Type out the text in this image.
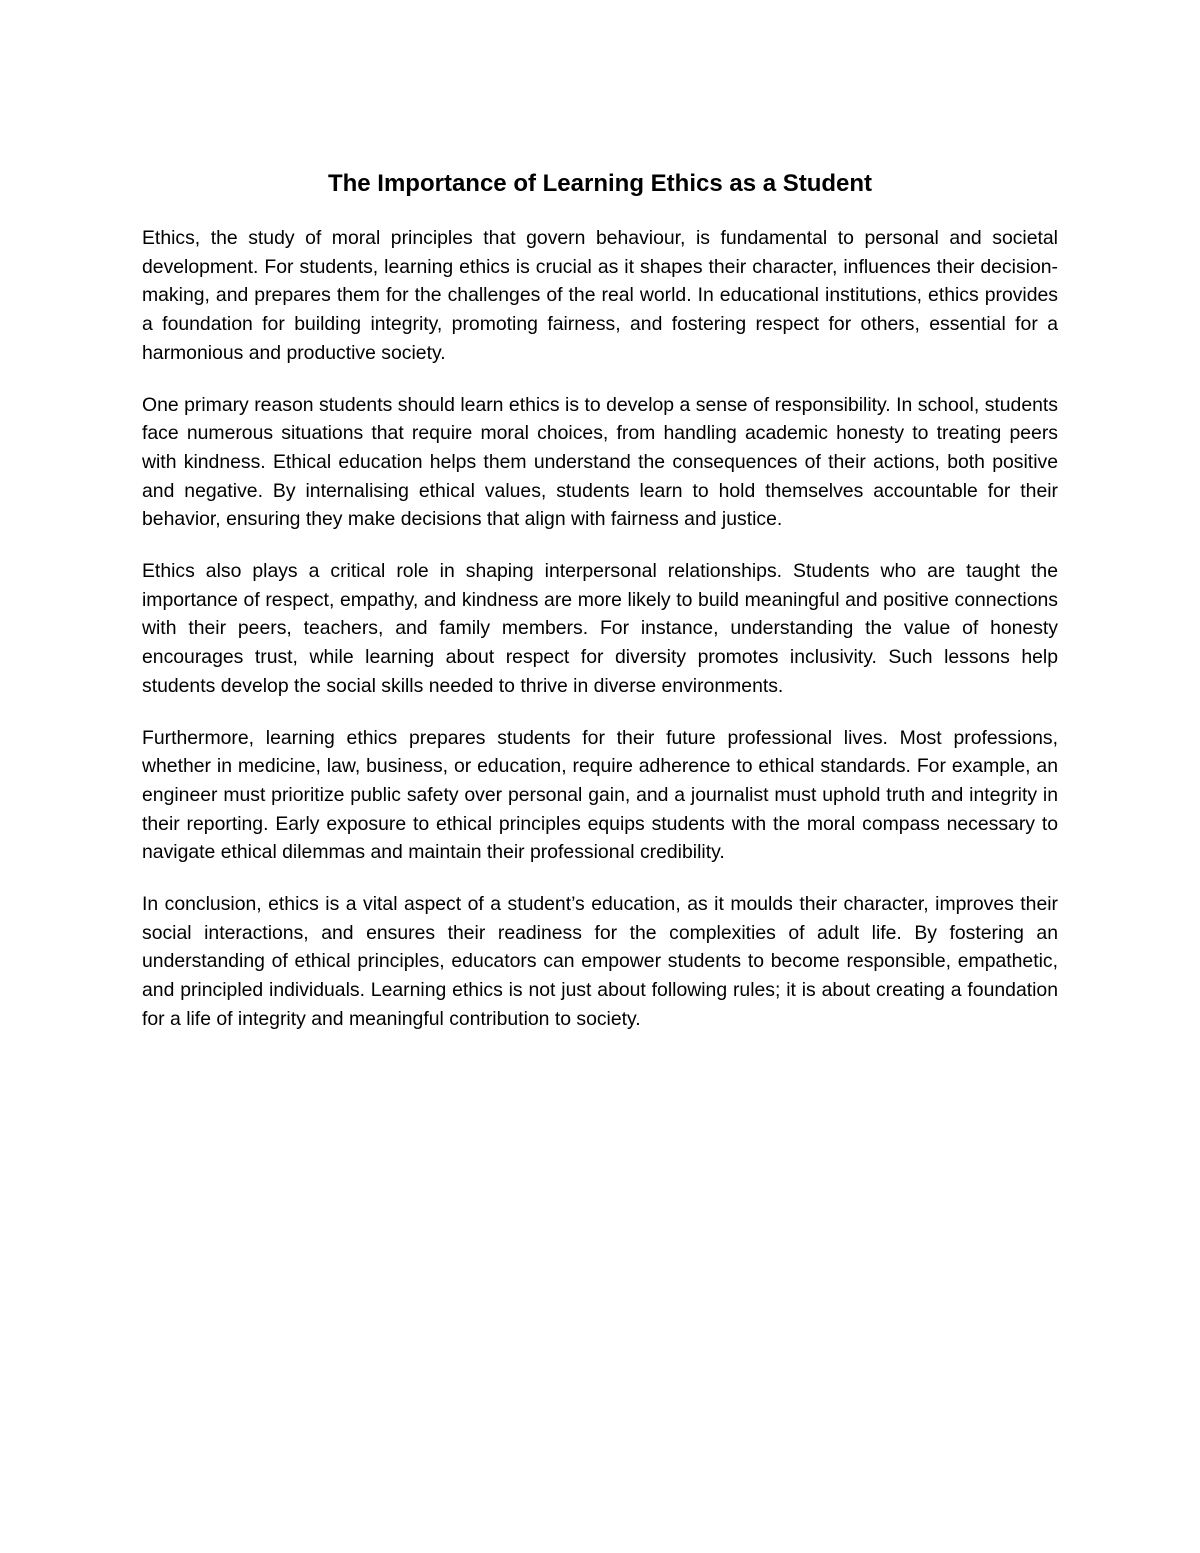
The Importance of Learning Ethics as a Student

Ethics, the study of moral principles that govern behaviour, is fundamental to personal and societal development. For students, learning ethics is crucial as it shapes their character, influences their decision-making, and prepares them for the challenges of the real world. In educational institutions, ethics provides a foundation for building integrity, promoting fairness, and fostering respect for others, essential for a harmonious and productive society.

One primary reason students should learn ethics is to develop a sense of responsibility. In school, students face numerous situations that require moral choices, from handling academic honesty to treating peers with kindness. Ethical education helps them understand the consequences of their actions, both positive and negative. By internalising ethical values, students learn to hold themselves accountable for their behavior, ensuring they make decisions that align with fairness and justice.

Ethics also plays a critical role in shaping interpersonal relationships. Students who are taught the importance of respect, empathy, and kindness are more likely to build meaningful and positive connections with their peers, teachers, and family members. For instance, understanding the value of honesty encourages trust, while learning about respect for diversity promotes inclusivity. Such lessons help students develop the social skills needed to thrive in diverse environments.

Furthermore, learning ethics prepares students for their future professional lives. Most professions, whether in medicine, law, business, or education, require adherence to ethical standards. For example, an engineer must prioritize public safety over personal gain, and a journalist must uphold truth and integrity in their reporting. Early exposure to ethical principles equips students with the moral compass necessary to navigate ethical dilemmas and maintain their professional credibility.

In conclusion, ethics is a vital aspect of a student’s education, as it moulds their character, improves their social interactions, and ensures their readiness for the complexities of adult life. By fostering an understanding of ethical principles, educators can empower students to become responsible, empathetic, and principled individuals. Learning ethics is not just about following rules; it is about creating a foundation for a life of integrity and meaningful contribution to society.
